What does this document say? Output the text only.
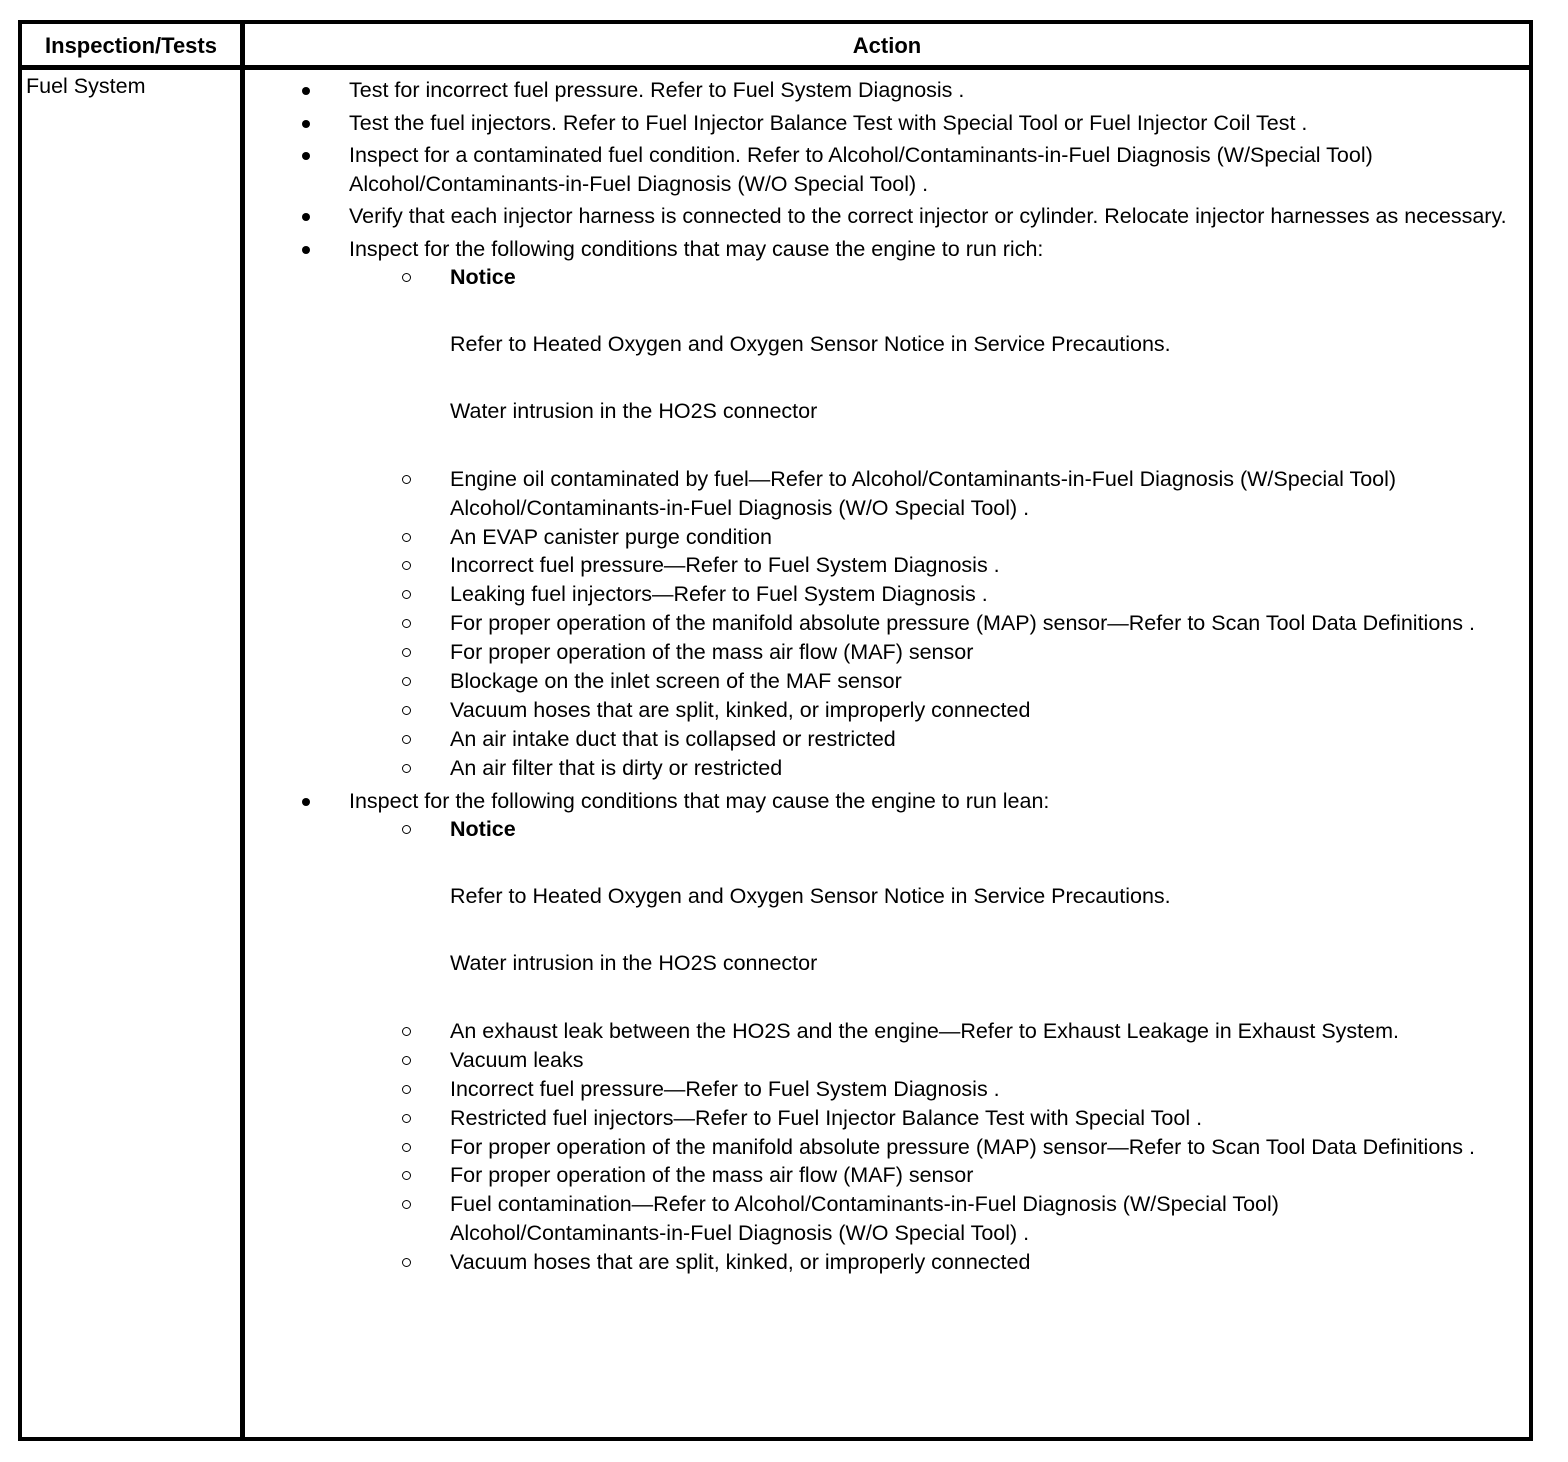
Inspection/Tests	Action
Fuel System	Test for incorrect fuel pressure. Refer to Fuel System Diagnosis .
Test the fuel injectors. Refer to Fuel Injector Balance Test with Special Tool or Fuel Injector Coil Test .
Inspect for a contaminated fuel condition. Refer to Alcohol/Contaminants-in-Fuel Diagnosis (W/Special Tool) Alcohol/Contaminants-in-Fuel Diagnosis (W/O Special Tool) .
Verify that each injector harness is connected to the correct injector or cylinder. Relocate injector harnesses as necessary.
Inspect for the following conditions that may cause the engine to run rich:
Notice
Refer to Heated Oxygen and Oxygen Sensor Notice in Service Precautions.
Water intrusion in the HO2S connector
Engine oil contaminated by fuel—Refer to Alcohol/Contaminants-in-Fuel Diagnosis (W/Special Tool) Alcohol/Contaminants-in-Fuel Diagnosis (W/O Special Tool) .
An EVAP canister purge condition
Incorrect fuel pressure—Refer to Fuel System Diagnosis .
Leaking fuel injectors—Refer to Fuel System Diagnosis .
For proper operation of the manifold absolute pressure (MAP) sensor—Refer to Scan Tool Data Definitions .
For proper operation of the mass air flow (MAF) sensor
Blockage on the inlet screen of the MAF sensor
Vacuum hoses that are split, kinked, or improperly connected
An air intake duct that is collapsed or restricted
An air filter that is dirty or restricted
Inspect for the following conditions that may cause the engine to run lean:
Notice
Refer to Heated Oxygen and Oxygen Sensor Notice in Service Precautions.
Water intrusion in the HO2S connector
An exhaust leak between the HO2S and the engine—Refer to Exhaust Leakage in Exhaust System.
Vacuum leaks
Incorrect fuel pressure—Refer to Fuel System Diagnosis .
Restricted fuel injectors—Refer to Fuel Injector Balance Test with Special Tool .
For proper operation of the manifold absolute pressure (MAP) sensor—Refer to Scan Tool Data Definitions .
For proper operation of the mass air flow (MAF) sensor
Fuel contamination—Refer to Alcohol/Contaminants-in-Fuel Diagnosis (W/Special Tool) Alcohol/Contaminants-in-Fuel Diagnosis (W/O Special Tool) .
Vacuum hoses that are split, kinked, or improperly connected
